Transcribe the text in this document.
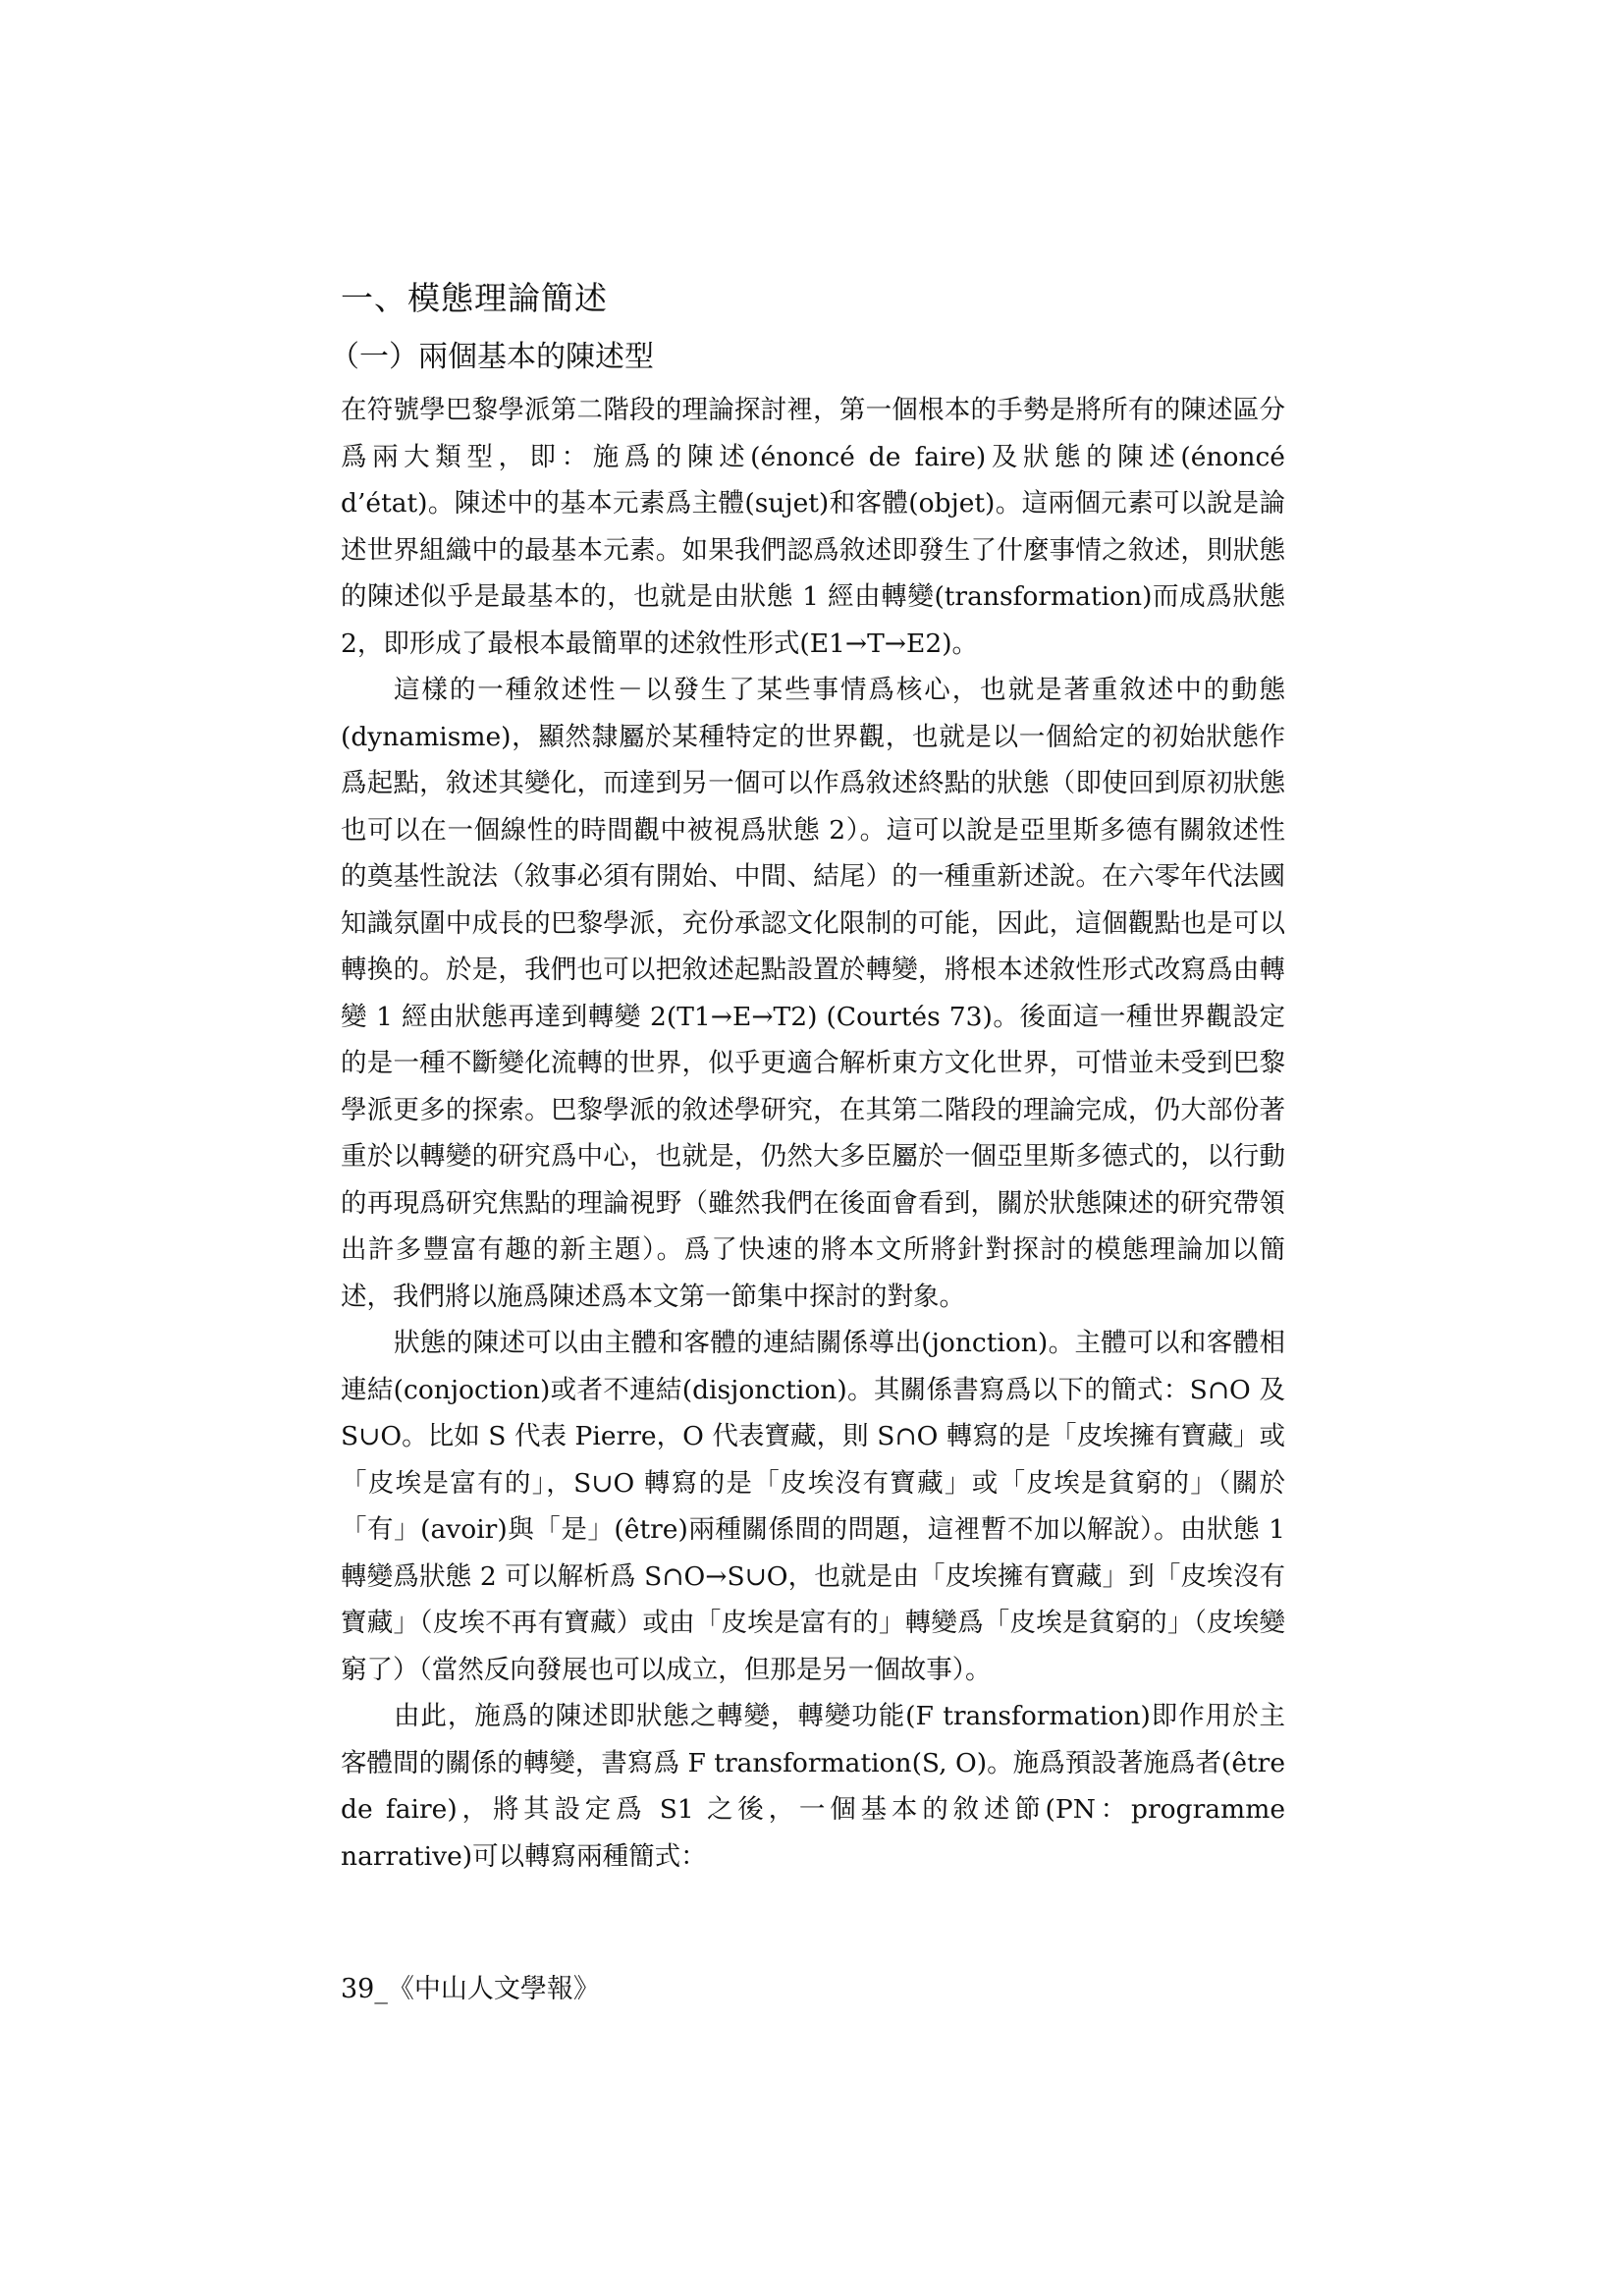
一、模態理論簡述
（一）兩個基本的陳述型

在符號學巴黎學派第二階段的理論探討裡，第一個根本的手勢是將所有的陳述區分爲兩大類型，即：施爲的陳述(énoncé de faire)及狀態的陳述(énoncé d’état)。陳述中的基本元素爲主體(sujet)和客體(objet)。這兩個元素可以說是論述世界組織中的最基本元素。如果我們認爲敘述即發生了什麼事情之敘述，則狀態的陳述似乎是最基本的，也就是由狀態 1 經由轉變(transformation)而成爲狀態 2，即形成了最根本最簡單的述敘性形式(E1→T→E2)。

這樣的一種敘述性－以發生了某些事情爲核心，也就是著重敘述中的動態(dynamisme)，顯然隸屬於某種特定的世界觀，也就是以一個給定的初始狀態作爲起點，敘述其變化，而達到另一個可以作爲敘述終點的狀態（即使回到原初狀態也可以在一個線性的時間觀中被視爲狀態 2）。這可以說是亞里斯多德有關敘述性的奠基性說法（敘事必須有開始、中間、結尾）的一種重新述說。在六零年代法國知識氛圍中成長的巴黎學派，充份承認文化限制的可能，因此，這個觀點也是可以轉換的。於是，我們也可以把敘述起點設置於轉變，將根本述敘性形式改寫爲由轉變 1 經由狀態再達到轉變 2(T1→E→T2) (Courtés 73)。後面這一種世界觀設定的是一種不斷變化流轉的世界，似乎更適合解析東方文化世界，可惜並未受到巴黎學派更多的探索。巴黎學派的敘述學研究，在其第二階段的理論完成，仍大部份著重於以轉變的研究爲中心，也就是，仍然大多臣屬於一個亞里斯多德式的，以行動的再現爲研究焦點的理論視野（雖然我們在後面會看到，關於狀態陳述的研究帶領出許多豐富有趣的新主題）。爲了快速的將本文所將針對探討的模態理論加以簡述，我們將以施爲陳述爲本文第一節集中探討的對象。

狀態的陳述可以由主體和客體的連結關係導出(jonction)。主體可以和客體相連結(conjoction)或者不連結(disjonction)。其關係書寫爲以下的簡式：S∩O 及 S∪O。比如 S 代表 Pierre，O 代表寶藏，則 S∩O 轉寫的是「皮埃擁有寶藏」或「皮埃是富有的」，S∪O 轉寫的是「皮埃沒有寶藏」或「皮埃是貧窮的」（關於「有」(avoir)與「是」(être)兩種關係間的問題，這裡暫不加以解說）。由狀態 1 轉變爲狀態 2 可以解析爲 S∩O→S∪O，也就是由「皮埃擁有寶藏」到「皮埃沒有寶藏」（皮埃不再有寶藏）或由「皮埃是富有的」轉變爲「皮埃是貧窮的」（皮埃變窮了）（當然反向發展也可以成立，但那是另一個故事）。

由此，施爲的陳述即狀態之轉變，轉變功能(F transformation)即作用於主客體間的關係的轉變，書寫爲 F transformation(S, O)。施爲預設著施爲者(être de faire)，將其設定爲 S1 之後，一個基本的敘述節(PN：programme narrative)可以轉寫兩種簡式：

39_《中山人文學報》
